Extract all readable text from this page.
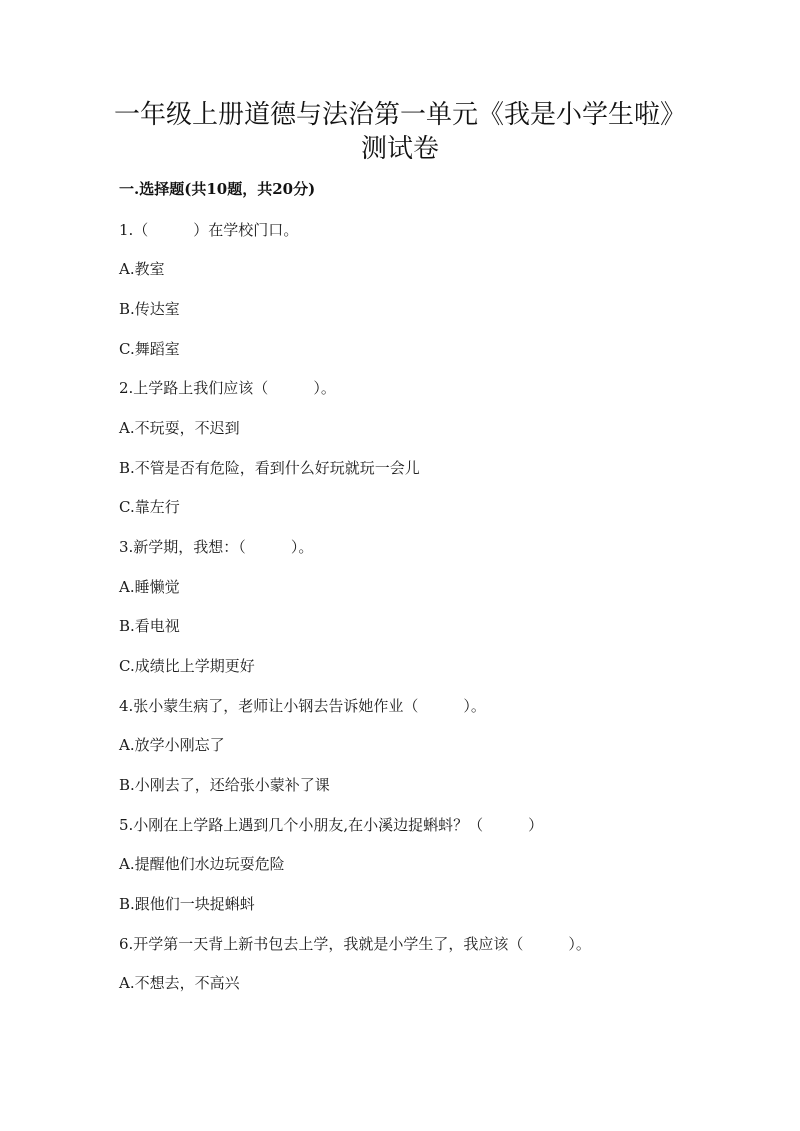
一年级上册道德与法治第一单元《我是小学生啦》
测试卷
一.选择题(共10题，共20分)
1.（　　　）在学校门口。
A.教室
B.传达室
C.舞蹈室
2.上学路上我们应该（　　　）。
A.不玩耍，不迟到
B.不管是否有危险，看到什么好玩就玩一会儿
C.靠左行
3.新学期，我想：（　　　）。
A.睡懒觉
B.看电视
C.成绩比上学期更好
4.张小蒙生病了，老师让小钢去告诉她作业（　　　）。
A.放学小刚忘了
B.小刚去了，还给张小蒙补了课
5.小刚在上学路上遇到几个小朋友,在小溪边捉蝌蚪？（　　　）
A.提醒他们水边玩耍危险
B.跟他们一块捉蝌蚪
6.开学第一天背上新书包去上学，我就是小学生了，我应该（　　　）。
A.不想去，不高兴
